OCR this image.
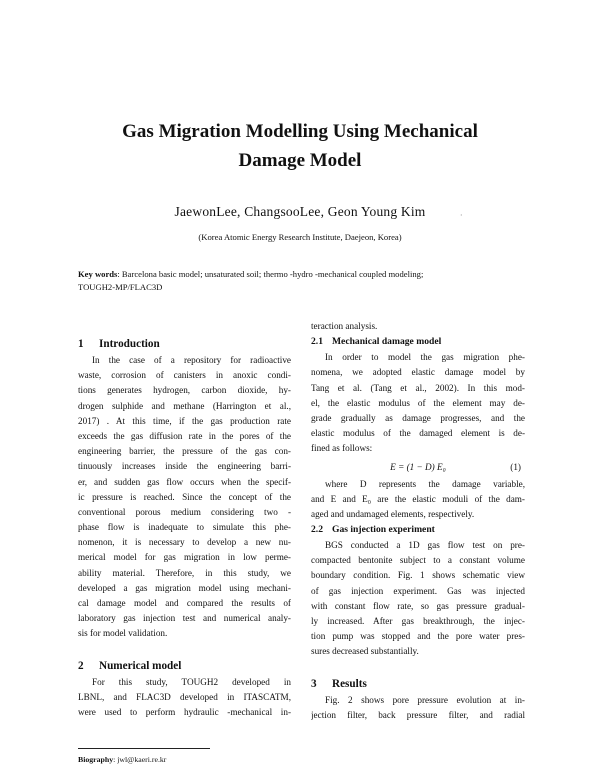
Gas Migration Modelling Using Mechanical
Damage Model
JaewonLee, ChangsooLee, Geon Young Kim	·
(Korea Atomic Energy Research Institute, Daejeon, Korea)
Key words: Barcelona basic model; unsaturated soil; thermo -hydro -mechanical coupled modeling;
TOUGH2-MP/FLAC3D
1 Introduction
In the case of a repository for radioactive
waste, corrosion of canisters in anoxic condi-
tions generates hydrogen, carbon dioxide, hy-
drogen sulphide and methane (Harrington et al.,
2017) . At this time, if the gas production rate
exceeds the gas diffusion rate in the pores of the
engineering barrier, the pressure of the gas con-
tinuously increases inside the engineering barri-
er, and sudden gas flow occurs when the specif-
ic pressure is reached. Since the concept of the
conventional porous medium considering two -
phase flow is inadequate to simulate this phe-
nomenon, it is necessary to develop a new nu-
merical model for gas migration in low perme-
ability material. Therefore, in this study, we
developed a gas migration model using mechani-
cal damage model and compared the results of
laboratory gas injection test and numerical analy-
sis for model validation.
2 Numerical model
For this study, TOUGH2 developed in
LBNL, and FLAC3D developed in ITASCATM,
were used to perform hydraulic -mechanical in-
teraction analysis.
2.1 Mechanical damage model
In order to model the gas migration phe-
nomena, we adopted elastic damage model by
Tang et al. (Tang et al., 2002). In this mod-
el, the elastic modulus of the element may de-
grade gradually as damage progresses, and the
elastic modulus of the damaged element is de-
fined as follows:
E = (1 − D) E₀	(1)
where D represents the damage variable,
and E and E₀ are the elastic moduli of the dam-
aged and undamaged elements, respectively.
2.2 Gas injection experiment
BGS conducted a 1D gas flow test on pre-
compacted bentonite subject to a constant volume
boundary condition. Fig. 1 shows schematic view
of gas injection experiment. Gas was injected
with constant flow rate, so gas pressure gradual-
ly increased. After gas breakthrough, the injec-
tion pump was stopped and the pore water pres-
sures decreased substantially.
3 Results
Fig. 2 shows pore pressure evolution at in-
jection filter, back pressure filter, and radial
Biography: jwl@kaeri.re.kr
